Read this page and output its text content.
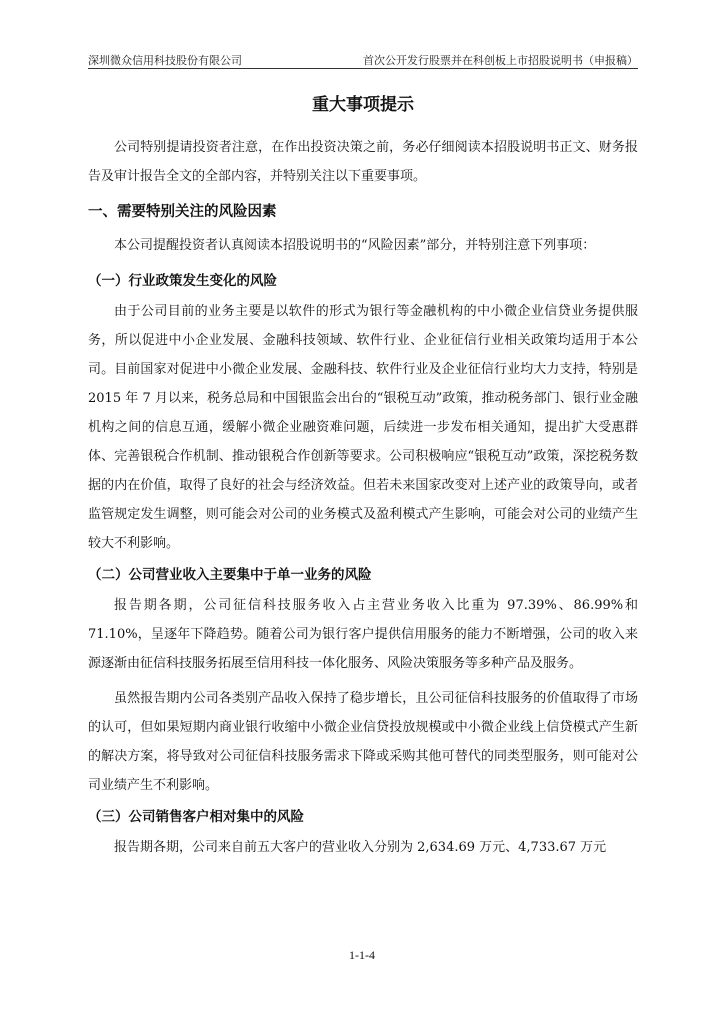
深圳微众信用科技股份有限公司	首次公开发行股票并在科创板上市招股说明书（申报稿）
重大事项提示

公司特别提请投资者注意，在作出投资决策之前，务必仔细阅读本招股说明书正文、财务报告及审计报告全文的全部内容，并特别关注以下重要事项。

一、需要特别关注的风险因素

本公司提醒投资者认真阅读本招股说明书的“风险因素”部分，并特别注意下列事项：

（一）行业政策发生变化的风险

由于公司目前的业务主要是以软件的形式为银行等金融机构的中小微企业信贷业务提供服务，所以促进中小企业发展、金融科技领域、软件行业、企业征信行业相关政策均适用于本公司。目前国家对促进中小微企业发展、金融科技、软件行业及企业征信行业均大力支持，特别是 2015 年 7 月以来，税务总局和中国银监会出台的“银税互动”政策，推动税务部门、银行业金融机构之间的信息互通，缓解小微企业融资难问题，后续进一步发布相关通知，提出扩大受惠群体、完善银税合作机制、推动银税合作创新等要求。公司积极响应“银税互动”政策，深挖税务数据的内在价值，取得了良好的社会与经济效益。但若未来国家改变对上述产业的政策导向，或者监管规定发生调整，则可能会对公司的业务模式及盈利模式产生影响，可能会对公司的业绩产生较大不利影响。

（二）公司营业收入主要集中于单一业务的风险

报告期各期，公司征信科技服务收入占主营业务收入比重为 97.39%、86.99%和 71.10%，呈逐年下降趋势。随着公司为银行客户提供信用服务的能力不断增强，公司的收入来源逐渐由征信科技服务拓展至信用科技一体化服务、风险决策服务等多种产品及服务。

虽然报告期内公司各类别产品收入保持了稳步增长，且公司征信科技服务的价值取得了市场的认可，但如果短期内商业银行收缩中小微企业信贷投放规模或中小微企业线上信贷模式产生新的解决方案，将导致对公司征信科技服务需求下降或采购其他可替代的同类型服务，则可能对公司业绩产生不利影响。

（三）公司销售客户相对集中的风险

报告期各期，公司来自前五大客户的营业收入分别为 2,634.69 万元、4,733.67 万元

1-1-4
